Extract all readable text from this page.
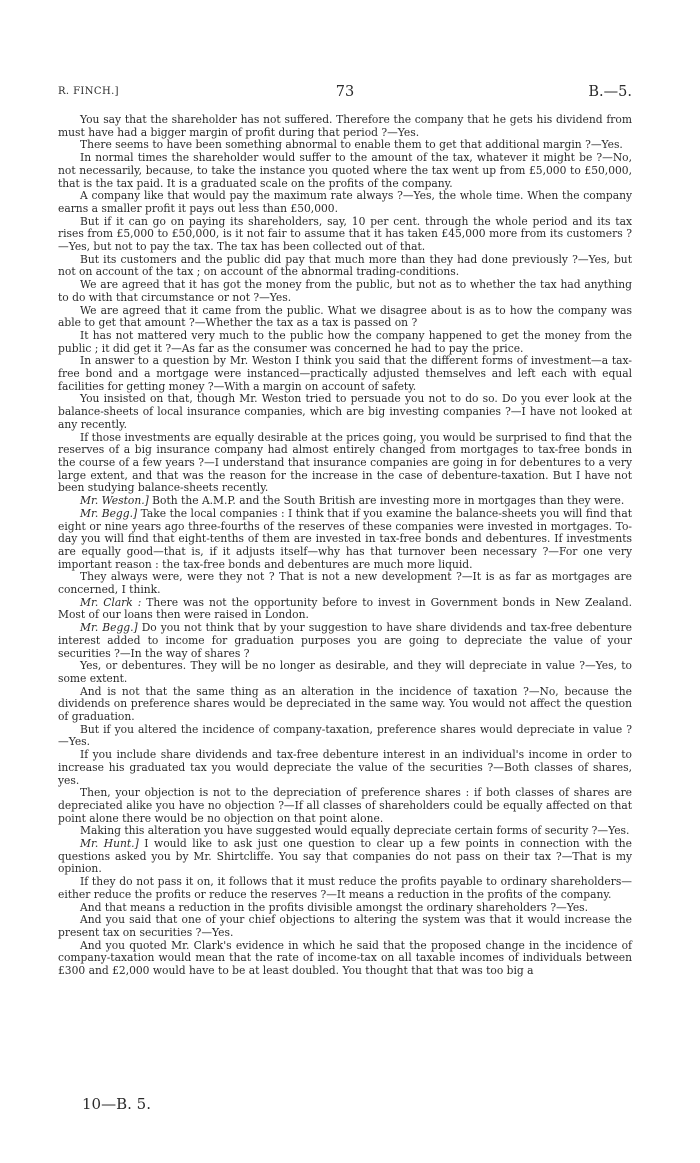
R. FINCH.]	73	B.—5.

You say that the shareholder has not suffered. Therefore the company that he gets his dividend from must have had a bigger margin of profit during that period ?—Yes.

There seems to have been something abnormal to enable them to get that additional margin ?—Yes.

In normal times the shareholder would suffer to the amount of the tax, whatever it might be ?—No, not necessarily, because, to take the instance you quoted where the tax went up from £5,000 to £50,000, that is the tax paid. It is a graduated scale on the profits of the company.

A company like that would pay the maximum rate always ?—Yes, the whole time. When the company earns a smaller profit it pays out less than £50,000.

But if it can go on paying its shareholders, say, 10 per cent. through the whole period and its tax rises from £5,000 to £50,000, is it not fair to assume that it has taken £45,000 more from its customers ?—Yes, but not to pay the tax. The tax has been collected out of that.

But its customers and the public did pay that much more than they had done previously ?—Yes, but not on account of the tax ; on account of the abnormal trading-conditions.

We are agreed that it has got the money from the public, but not as to whether the tax had anything to do with that circumstance or not ?—Yes.

We are agreed that it came from the public. What we disagree about is as to how the company was able to get that amount ?—Whether the tax as a tax is passed on ?

It has not mattered very much to the public how the company happened to get the money from the public ; it did get it ?—As far as the consumer was concerned he had to pay the price.

In answer to a question by Mr. Weston I think you said that the different forms of investment—a tax-free bond and a mortgage were instanced—practically adjusted themselves and left each with equal facilities for getting money ?—With a margin on account of safety.

You insisted on that, though Mr. Weston tried to persuade you not to do so. Do you ever look at the balance-sheets of local insurance companies, which are big investing companies ?—I have not looked at any recently.

If those investments are equally desirable at the prices going, you would be surprised to find that the reserves of a big insurance company had almost entirely changed from mortgages to tax-free bonds in the course of a few years ?—I understand that insurance companies are going in for debentures to a very large extent, and that was the reason for the increase in the case of debenture-taxation. But I have not been studying balance-sheets recently.

Mr. Weston.] Both the A.M.P. and the South British are investing more in mortgages than they were.

Mr. Begg.] Take the local companies : I think that if you examine the balance-sheets you will find that eight or nine years ago three-fourths of the reserves of these companies were invested in mortgages. To-day you will find that eight-tenths of them are invested in tax-free bonds and debentures. If investments are equally good—that is, if it adjusts itself—why has that turnover been necessary ?—For one very important reason : the tax-free bonds and debentures are much more liquid.

They always were, were they not ? That is not a new development ?—It is as far as mortgages are concerned, I think.

Mr. Clark : There was not the opportunity before to invest in Government bonds in New Zealand. Most of our loans then were raised in London.

Mr. Begg.] Do you not think that by your suggestion to have share dividends and tax-free debenture interest added to income for graduation purposes you are going to depreciate the value of your securities ?—In the way of shares ?

Yes, or debentures. They will be no longer as desirable, and they will depreciate in value ?—Yes, to some extent.

And is not that the same thing as an alteration in the incidence of taxation ?—No, because the dividends on preference shares would be depreciated in the same way. You would not affect the question of graduation.

But if you altered the incidence of company-taxation, preference shares would depreciate in value ?—Yes.

If you include share dividends and tax-free debenture interest in an individual's income in order to increase his graduated tax you would depreciate the value of the securities ?—Both classes of shares, yes.

Then, your objection is not to the depreciation of preference shares : if both classes of shares are depreciated alike you have no objection ?—If all classes of shareholders could be equally affected on that point alone there would be no objection on that point alone.

Making this alteration you have suggested would equally depreciate certain forms of security ?—Yes.

Mr. Hunt.] I would like to ask just one question to clear up a few points in connection with the questions asked you by Mr. Shirtcliffe. You say that companies do not pass on their tax ?—That is my opinion.

If they do not pass it on, it follows that it must reduce the profits payable to ordinary shareholders—either reduce the profits or reduce the reserves ?—It means a reduction in the profits of the company.

And that means a reduction in the profits divisible amongst the ordinary shareholders ?—Yes.

And you said that one of your chief objections to altering the system was that it would increase the present tax on securities ?—Yes.

And you quoted Mr. Clark's evidence in which he said that the proposed change in the incidence of company-taxation would mean that the rate of income-tax on all taxable incomes of individuals between £300 and £2,000 would have to be at least doubled. You thought that that was too big a

10—B. 5.
